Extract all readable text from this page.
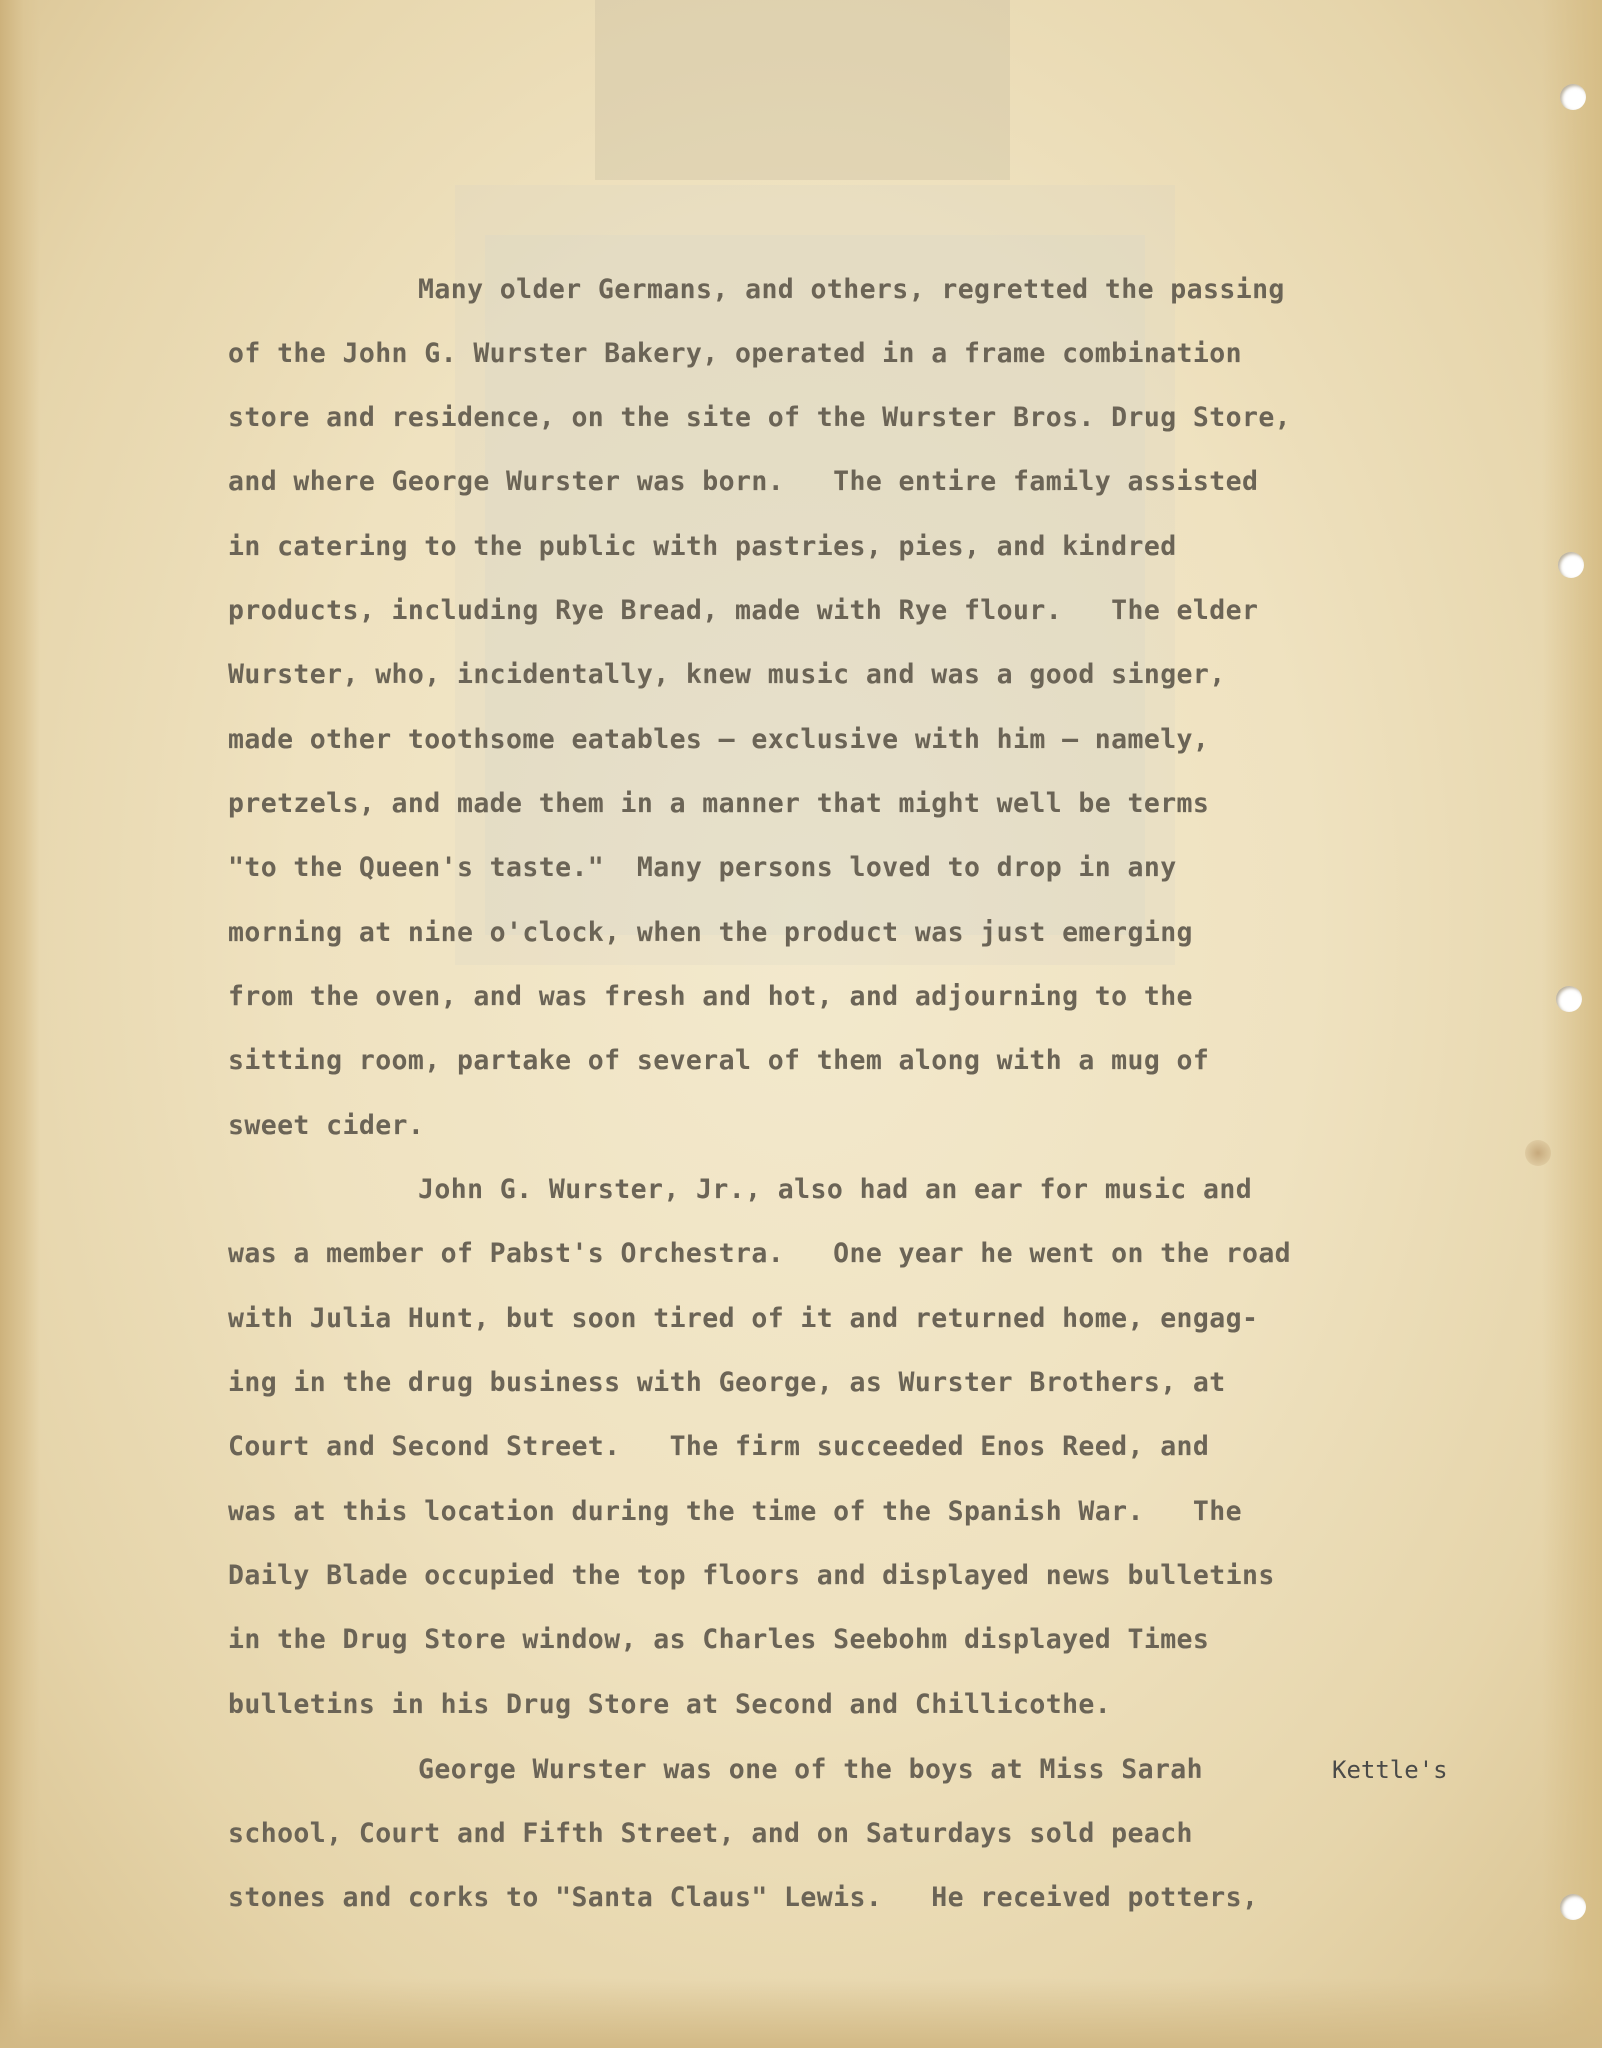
Many older Germans, and others, regretted the passing
of the John G. Wurster Bakery, operated in a frame combination
store and residence, on the site of the Wurster Bros. Drug Store,
and where George Wurster was born.   The entire family assisted
in catering to the public with pastries, pies, and kindred
products, including Rye Bread, made with Rye flour.   The elder
Wurster, who, incidentally, knew music and was a good singer,
made other toothsome eatables — exclusive with him — namely,
pretzels, and made them in a manner that might well be terms
"to the Queen's taste."  Many persons loved to drop in any
morning at nine o'clock, when the product was just emerging
from the oven, and was fresh and hot, and adjourning to the
sitting room, partake of several of them along with a mug of
sweet cider.
John G. Wurster, Jr., also had an ear for music and
was a member of Pabst's Orchestra.   One year he went on the road
with Julia Hunt, but soon tired of it and returned home, engag-
ing in the drug business with George, as Wurster Brothers, at
Court and Second Street.   The firm succeeded Enos Reed, and
was at this location during the time of the Spanish War.   The
Daily Blade occupied the top floors and displayed news bulletins
in the Drug Store window, as Charles Seebohm displayed Times
bulletins in his Drug Store at Second and Chillicothe.
George Wurster was one of the boys at Miss Sarah
school, Court and Fifth Street, and on Saturdays sold peach
stones and corks to "Santa Claus" Lewis.   He received potters,
Kettle's
